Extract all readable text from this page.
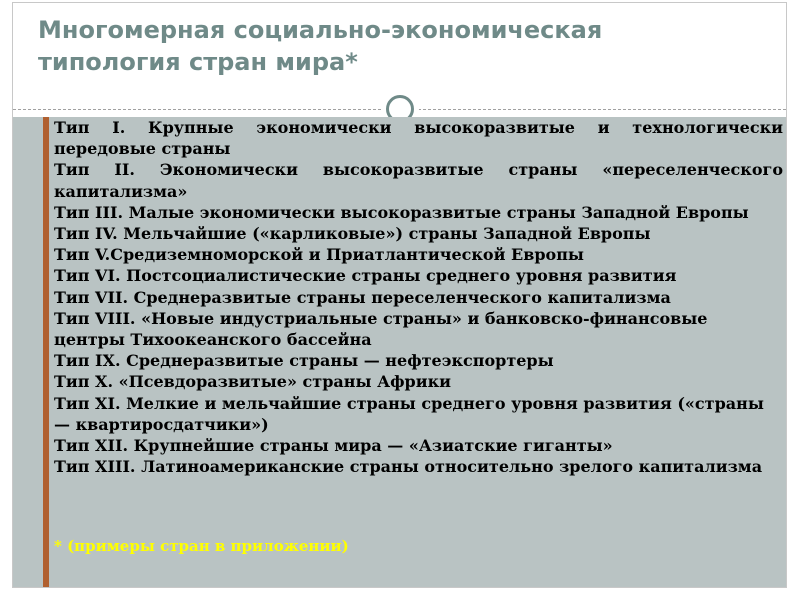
Многомерная социально-экономическая
типология стран мира*
Тип I. Крупные экономически высокоразвитые и технологически передовые страны
Тип II. Экономически высокоразвитые страны «переселенческого капитализма»
Тип III. Малые экономически высокоразвитые страны Западной Европы
Тип IV. Мельчайшие («карликовые») страны Западной Европы
Тип V.Средиземноморской и Приатлантической Европы
Тип VI. Постсоциалистические страны среднего уровня развития
Тип VII. Среднеразвитые страны переселенческого капитализма
Тип VIII. «Новые индустриальные страны» и банковско-финансовые центры Тихоокеанского бассейна
Тип IX. Среднеразвитые страны — нефтеэкспортеры
Тип X. «Псевдоразвитые» страны Африки
Тип XI. Мелкие и мельчайшие страны среднего уровня развития («страны — квартиросдатчики»)
Тип XII. Крупнейшие страны мира — «Азиатские гиганты»
Тип XIII. Латиноамериканские страны относительно зрелого капитализма

* (примеры стран в приложении)
